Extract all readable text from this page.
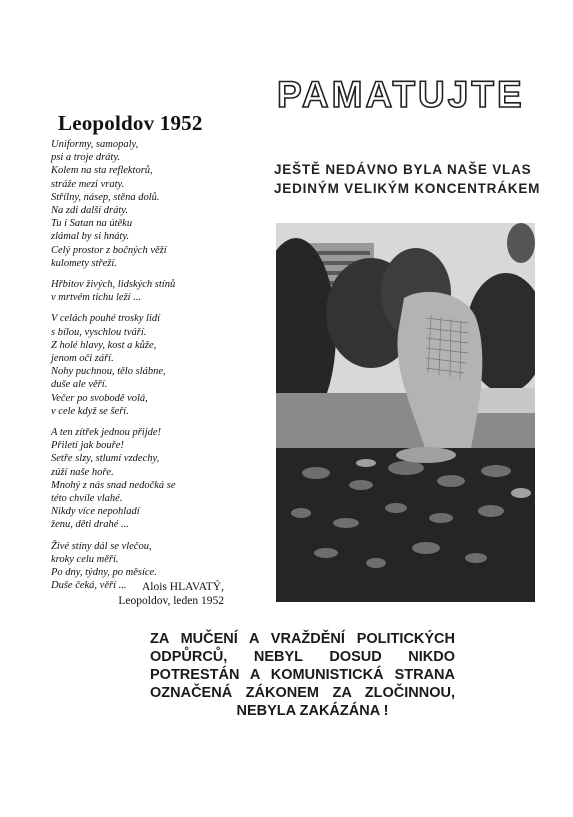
Leopoldov 1952
Uniformy, samopaly,
psi a troje dráty.
Kolem na sta reflektorů,
stráže mezi vraty.
Střílny, násep, stěna dolů.
Na zdi další dráty.
Tu i Satan na útěku
zlámal by si hnáty.
Celý prostor z bočných věží
kulomety střeží.
Hřbitov živých, lidských stínů
v mrtvém tichu leží ...
V celách pouhé trosky lidí
s bílou, vyschlou tváří.
Z holé hlavy, kost a kůže,
jenom oči září.
Nohy puchnou, tělo slábne,
duše ale věří.
Večer po svobodě volá,
v cele když se šeří.
A ten zítřek jednou přijde!
Přiletí jak bouře!
Setře slzy, stlumí vzdechy,
zúží naše hoře.
Mnohý z nás snad nedočká se
této chvíle vlahé.
Nikdy více nepohladí
ženu, děti drahé ...
Živé stíny dál se vlečou,
kroky celu měří.
Po dny, týdny, po měsíce.
Duše čeká, věří ...	Alois HLAVATÝ,
Leopoldov, leden 1952
PAMATUJTE
JEŠTĚ NEDÁVNO BYLA NAŠE VLAS
JEDINÝM VELIKÝM KONCENTRÁKEM
ZA MUČENÍ A VRAŽDĚNÍ POLITICKÝCH
ODPŮRCŮ, NEBYL DOSUD NIKDO
POTRESTÁN A KOMUNISTICKÁ STRANA
OZNAČENÁ ZÁKONEM ZA ZLOČINNOU,
NEBYLA ZAKÁZÁNA !
